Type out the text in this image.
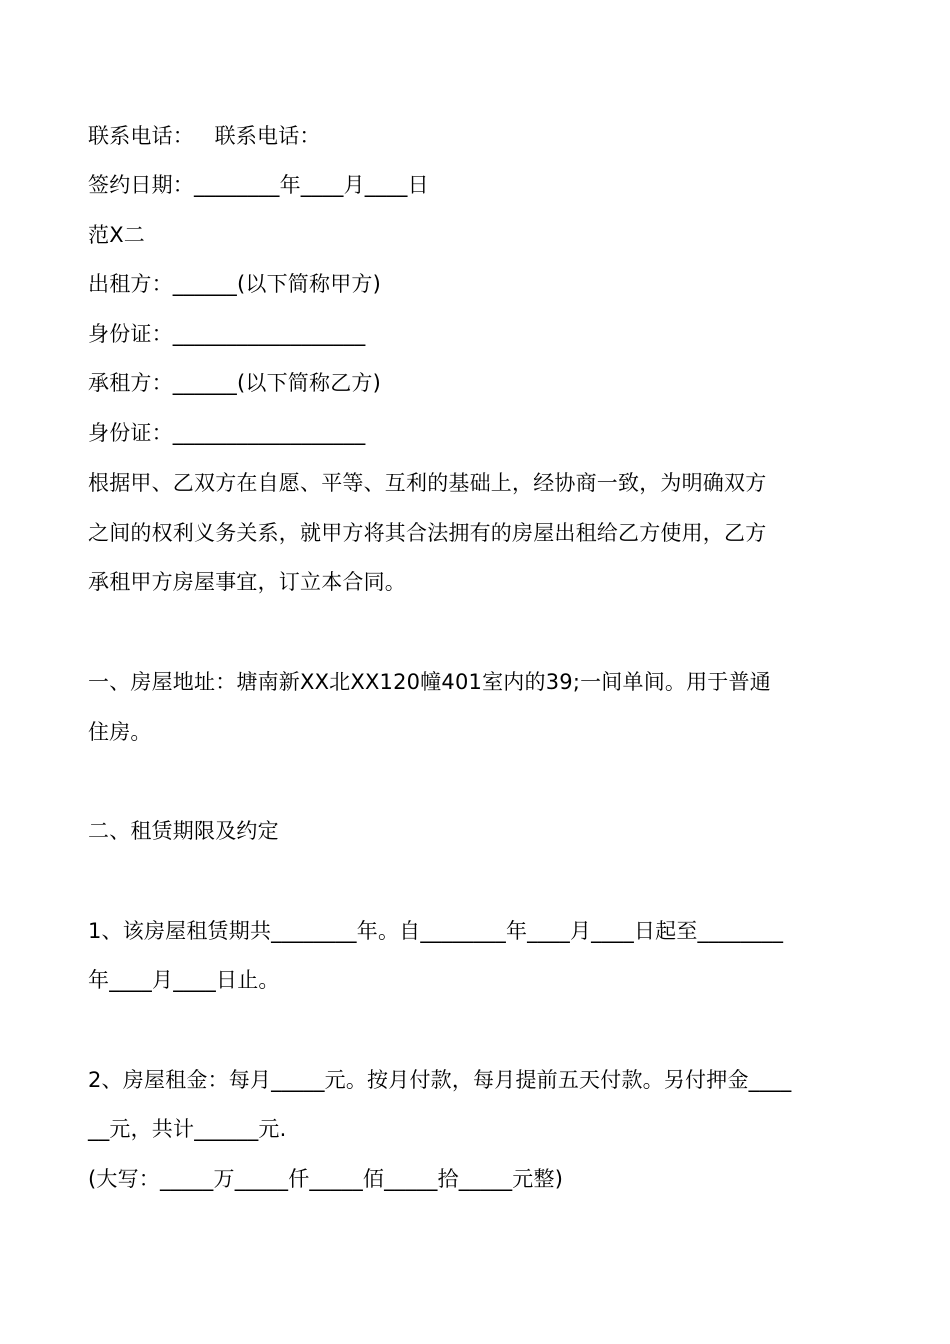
联系电话：   联系电话：
签约日期：________年____月____日
范X二
出租方：______(以下简称甲方)
身份证：__________________
承租方：______(以下简称乙方)
身份证：__________________
根据甲、乙双方在自愿、平等、互利的基础上，经协商一致，为明确双方
之间的权利义务关系，就甲方将其合法拥有的房屋出租给乙方使用，乙方
承租甲方房屋事宜，订立本合同。
一、房屋地址：塘南新XX北XX120幢401室内的39;一间单间。用于普通
住房。
二、租赁期限及约定
1、该房屋租赁期共________年。自________年____月____日起至________
年____月____日止。
2、房屋租金：每月_____元。按月付款，每月提前五天付款。另付押金____
__元，共计______元.
(大写：_____万_____仟_____佰_____拾_____元整)
